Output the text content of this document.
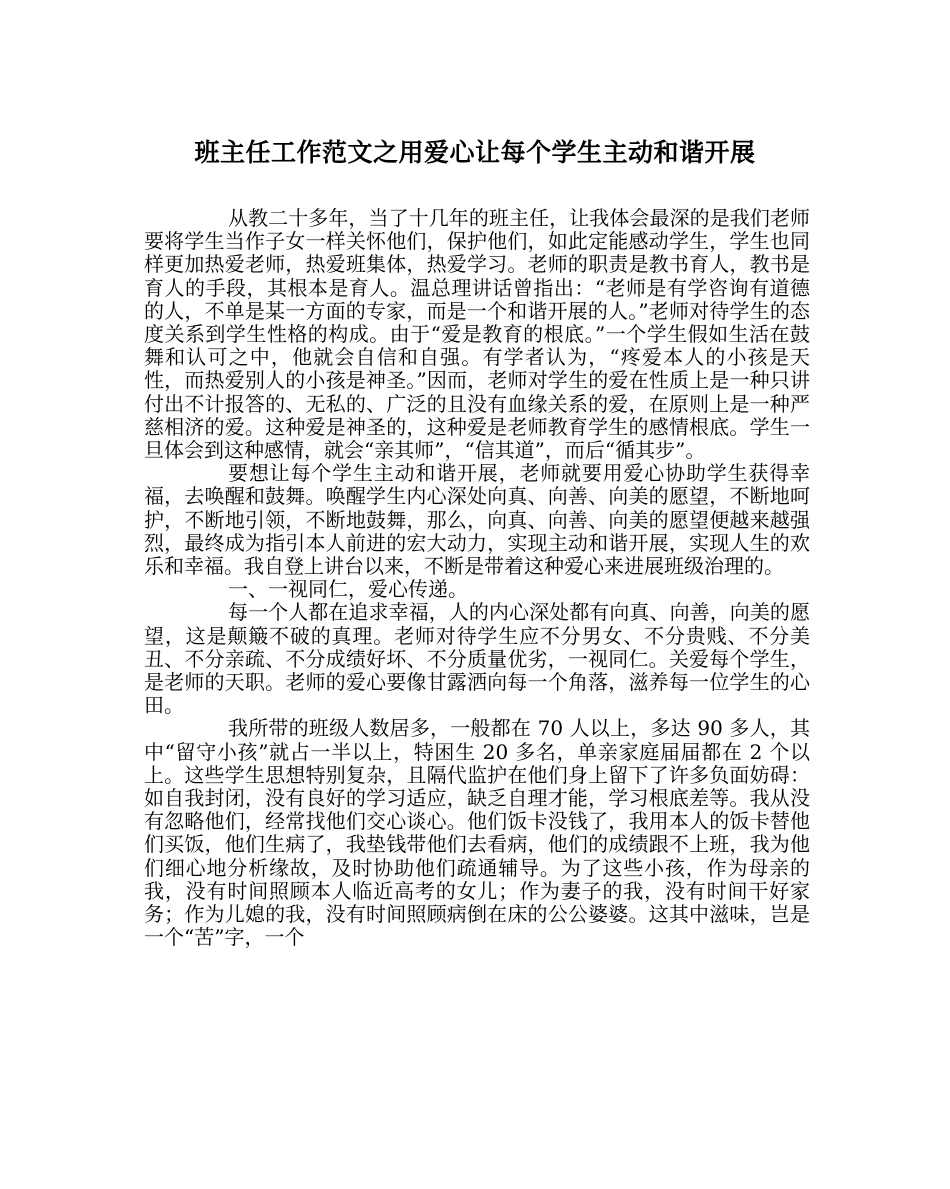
班主任工作范文之用爱心让每个学生主动和谐开展

从教二十多年，当了十几年的班主任，让我体会最深的是我们老师要将学生当作子女一样关怀他们，保护他们，如此定能感动学生，学生也同样更加热爱老师，热爱班集体，热爱学习。老师的职责是教书育人，教书是育人的手段，其根本是育人。温总理讲话曾指出：“老师是有学咨询有道德的人，不单是某一方面的专家，而是一个和谐开展的人。”老师对待学生的态度关系到学生性格的构成。由于“爱是教育的根底。”一个学生假如生活在鼓舞和认可之中，他就会自信和自强。有学者认为，“疼爱本人的小孩是天性，而热爱别人的小孩是神圣。”因而，老师对学生的爱在性质上是一种只讲付出不计报答的、无私的、广泛的且没有血缘关系的爱，在原则上是一种严慈相济的爱。这种爱是神圣的，这种爱是老师教育学生的感情根底。学生一旦体会到这种感情，就会“亲其师”，“信其道”，而后“循其步”。

要想让每个学生主动和谐开展，老师就要用爱心协助学生获得幸福，去唤醒和鼓舞。唤醒学生内心深处向真、向善、向美的愿望，不断地呵护，不断地引领，不断地鼓舞，那么，向真、向善、向美的愿望便越来越强烈，最终成为指引本人前进的宏大动力，实现主动和谐开展，实现人生的欢乐和幸福。我自登上讲台以来，不断是带着这种爱心来进展班级治理的。

一、一视同仁，爱心传递。

每一个人都在追求幸福，人的内心深处都有向真、向善，向美的愿望，这是颠簸不破的真理。老师对待学生应不分男女、不分贵贱、不分美丑、不分亲疏、不分成绩好坏、不分质量优劣，一视同仁。关爱每个学生，是老师的天职。老师的爱心要像甘露洒向每一个角落，滋养每一位学生的心田。

我所带的班级人数居多，一般都在 70 人以上，多达 90 多人，其中“留守小孩”就占一半以上，特困生 20 多名，单亲家庭届届都在 2 个以上。这些学生思想特别复杂，且隔代监护在他们身上留下了许多负面妨碍：如自我封闭，没有良好的学习适应，缺乏自理才能，学习根底差等。我从没有忽略他们，经常找他们交心谈心。他们饭卡没钱了，我用本人的饭卡替他们买饭，他们生病了，我垫钱带他们去看病，他们的成绩跟不上班，我为他们细心地分析缘故，及时协助他们疏通辅导。为了这些小孩，作为母亲的我，没有时间照顾本人临近高考的女儿；作为妻子的我，没有时间干好家务；作为儿媳的我，没有时间照顾病倒在床的公公婆婆。这其中滋味，岂是一个“苦”字，一个
